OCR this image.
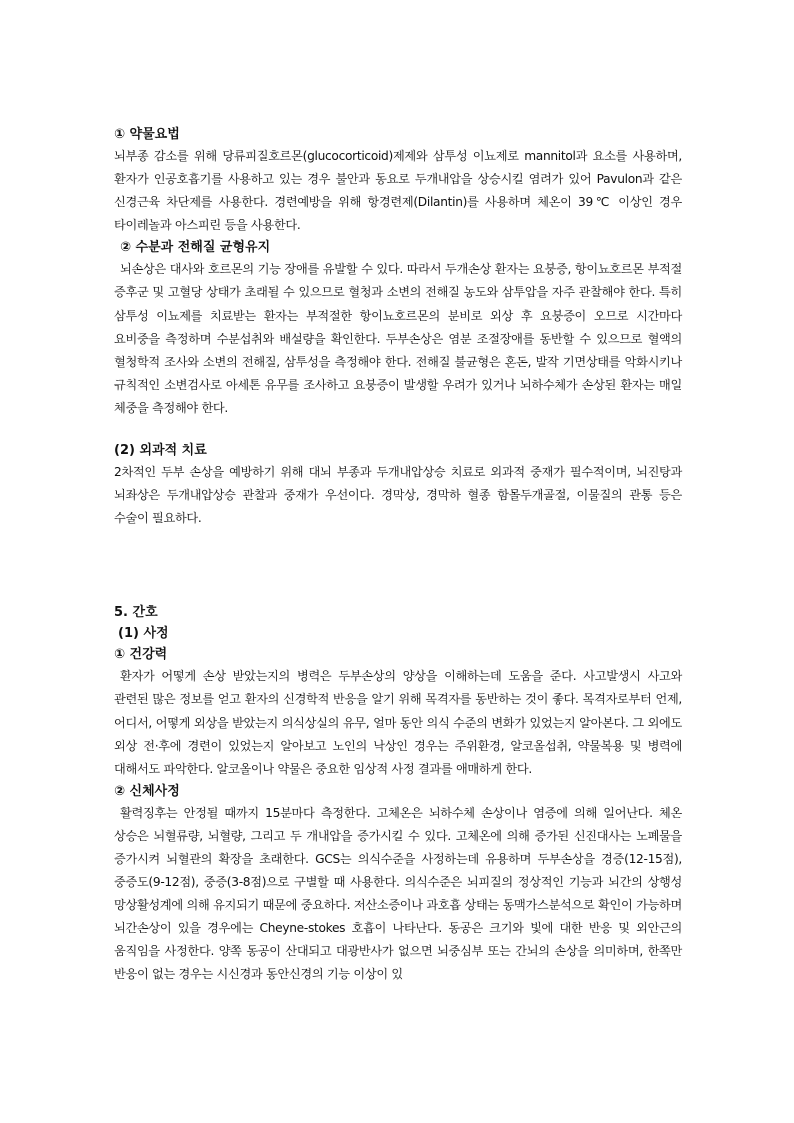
① 약물요법

뇌부종 감소를 위해 당류피질호르몬(glucocorticoid)제제와 삼투성 이뇨제로 mannitol과 요소를 사용하며, 환자가 인공호흡기를 사용하고 있는 경우 불안과 동요로 두개내압을 상승시킬 염려가 있어 Pavulon과 같은 신경근육 차단제를 사용한다. 경련예방을 위해 항경련제(Dilantin)를 사용하며 체온이 39℃ 이상인 경우 타이레놀과 아스피린 등을 사용한다.

② 수분과 전해질 균형유지

뇌손상은 대사와 호르몬의 기능 장애를 유발할 수 있다. 따라서 두개손상 환자는 요붕증, 항이뇨호르몬 부적절 증후군 및 고혈당 상태가 초래될 수 있으므로 혈청과 소변의 전해질 농도와 삼투압을 자주 관찰해야 한다. 특히 삼투성 이뇨제를 치료받는 환자는 부적절한 항이뇨호르몬의 분비로 외상 후 요붕증이 오므로 시간마다 요비중을 측정하며 수분섭취와 배설량을 확인한다. 두부손상은 염분 조절장애를 동반할 수 있으므로 혈액의 혈청학적 조사와 소변의 전해질, 삼투성을 측정해야 한다. 전해질 불균형은 혼돈, 발작 기면상태를 악화시키나 규칙적인 소변검사로 아세톤 유무를 조사하고 요붕증이 발생할 우려가 있거나 뇌하수체가 손상된 환자는 매일 체중을 측정해야 한다.

(2) 외과적 치료

2차적인 두부 손상을 예방하기 위해 대뇌 부종과 두개내압상승 치료로 외과적 중재가 필수적이며, 뇌진탕과 뇌좌상은 두개내압상승 관찰과 중재가 우선이다. 경막상, 경막하 혈종 함몰두개골절, 이물질의 관통 등은 수술이 필요하다.

5. 간호
(1) 사정
① 건강력

환자가 어떻게 손상 받았는지의 병력은 두부손상의 양상을 이해하는데 도움을 준다. 사고발생시 사고와 관련된 많은 정보를 얻고 환자의 신경학적 반응을 알기 위해 목격자를 동반하는 것이 좋다. 목격자로부터 언제, 어디서, 어떻게 외상을 받았는지 의식상실의 유무, 얼마 동안 의식 수준의 변화가 있었는지 알아본다. 그 외에도 외상 전·후에 경련이 있었는지 알아보고 노인의 낙상인 경우는 주위환경, 알코올섭취, 약물복용 및 병력에 대해서도 파악한다. 알코올이나 약물은 중요한 임상적 사정 결과를 애매하게 한다.

② 신체사정

활력징후는 안정될 때까지 15분마다 측정한다. 고체온은 뇌하수체 손상이나 염증에 의해 일어난다. 체온 상승은 뇌혈류량, 뇌혈량, 그리고 두 개내압을 증가시킬 수 있다. 고체온에 의해 증가된 신진대사는 노폐물을 증가시켜 뇌혈관의 확장을 초래한다. GCS는 의식수준을 사정하는데 유용하며 두부손상을 경증(12-15점), 중증도(9-12점), 중증(3-8점)으로 구별할 때 사용한다. 의식수준은 뇌피질의 정상적인 기능과 뇌간의 상행성 망상활성계에 의해 유지되기 때문에 중요하다. 저산소증이나 과호흡 상태는 동맥가스분석으로 확인이 가능하며 뇌간손상이 있을 경우에는 Cheyne-stokes 호흡이 나타난다. 동공은 크기와 빛에 대한 반응 및 외안근의 움직임을 사정한다. 양쪽 동공이 산대되고 대광반사가 없으면 뇌중심부 또는 간뇌의 손상을 의미하며, 한쪽만 반응이 없는 경우는 시신경과 동안신경의 기능 이상이 있
